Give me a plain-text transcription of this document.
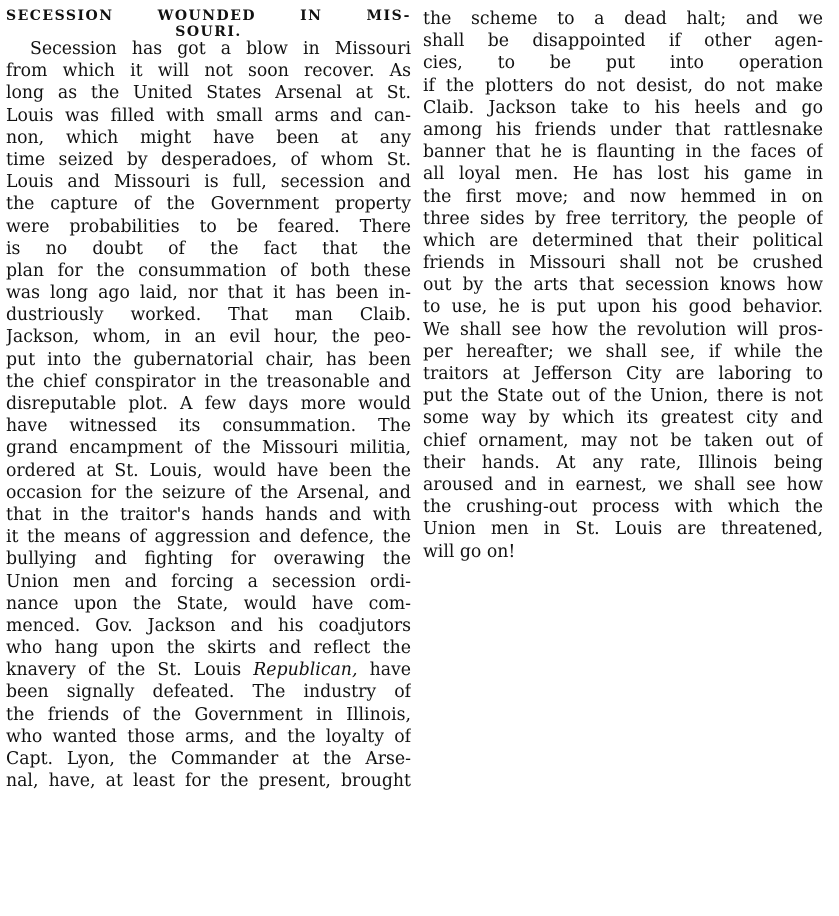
SECESSION WOUNDED IN MIS-
SOURI.
Secession has got a blow in Missouri
from which it will not soon recover. As
long as the United States Arsenal at St.
Louis was filled with small arms and can-
non, which might have been at any
time seized by desperadoes, of whom St.
Louis and Missouri is full, secession and
the capture of the Government property
were probabilities to be feared. There
is no doubt of the fact that the
plan for the consummation of both these
was long ago laid, nor that it has been in-
dustriously worked. That man Claib.
Jackson, whom, in an evil hour, the peo-
put into the gubernatorial chair, has been
the chief conspirator in the treasonable and
disreputable plot. A few days more would
have witnessed its consummation. The
grand encampment of the Missouri militia,
ordered at St. Louis, would have been the
occasion for the seizure of the Arsenal, and
that in the traitor's hands hands and with
it the means of aggression and defence, the
bullying and fighting for overawing the
Union men and forcing a secession ordi-
nance upon the State, would have com-
menced. Gov. Jackson and his coadjutors
who hang upon the skirts and reflect the
knavery of the St. Louis Republican, have
been signally defeated. The industry of
the friends of the Government in Illinois,
who wanted those arms, and the loyalty of
Capt. Lyon, the Commander at the Arse-
nal, have, at least for the present, brought
the scheme to a dead halt; and we
shall be disappointed if other agen-
cies, to be put into operation
if the plotters do not desist, do not make
Claib. Jackson take to his heels and go
among his friends under that rattlesnake
banner that he is flaunting in the faces of
all loyal men. He has lost his game in
the first move; and now hemmed in on
three sides by free territory, the people of
which are determined that their political
friends in Missouri shall not be crushed
out by the arts that secession knows how
to use, he is put upon his good behavior.
We shall see how the revolution will pros-
per hereafter; we shall see, if while the
traitors at Jefferson City are laboring to
put the State out of the Union, there is not
some way by which its greatest city and
chief ornament, may not be taken out of
their hands. At any rate, Illinois being
aroused and in earnest, we shall see how
the crushing-out process with which the
Union men in St. Louis are threatened,
will go on!
